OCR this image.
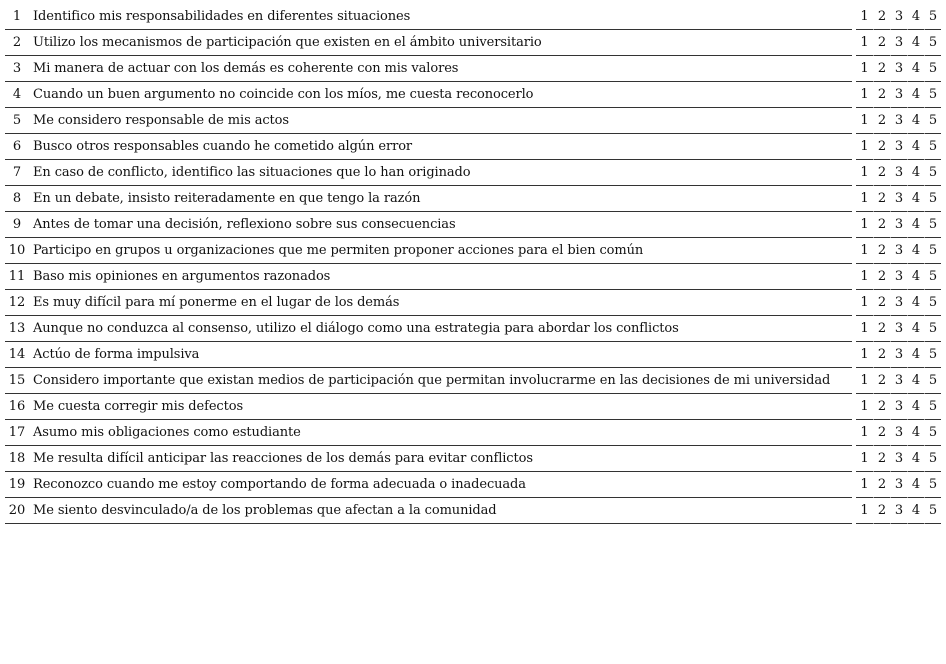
1	Identifico mis responsabilidades en diferentes situaciones		1	2	3	4	5
2	Utilizo los mecanismos de participación que existen en el ámbito universitario		1	2	3	4	5
3	Mi manera de actuar con los demás es coherente con mis valores		1	2	3	4	5
4	Cuando un buen argumento no coincide con los míos, me cuesta reconocerlo		1	2	3	4	5
5	Me considero responsable de mis actos		1	2	3	4	5
6	Busco otros responsables cuando he cometido algún error		1	2	3	4	5
7	En caso de conflicto, identifico las situaciones que lo han originado		1	2	3	4	5
8	En un debate, insisto reiteradamente en que tengo la razón		1	2	3	4	5
9	Antes de tomar una decisión, reflexiono sobre sus consecuencias		1	2	3	4	5
10	Participo en grupos u organizaciones que me permiten proponer acciones para el bien común		1	2	3	4	5
11	Baso mis opiniones en argumentos razonados		1	2	3	4	5
12	Es muy difícil para mí ponerme en el lugar de los demás		1	2	3	4	5
13	Aunque no conduzca al consenso, utilizo el diálogo como una estrategia para abordar los conflictos		1	2	3	4	5
14	Actúo de forma impulsiva		1	2	3	4	5
15	Considero importante que existan medios de participación que permitan involucrarme en las decisiones de mi universidad		1	2	3	4	5
16	Me cuesta corregir mis defectos		1	2	3	4	5
17	Asumo mis obligaciones como estudiante		1	2	3	4	5
18	Me resulta difícil anticipar las reacciones de los demás para evitar conflictos		1	2	3	4	5
19	Reconozco cuando me estoy comportando de forma adecuada o inadecuada		1	2	3	4	5
20	Me siento desvinculado/a de los problemas que afectan a la comunidad		1	2	3	4	5
